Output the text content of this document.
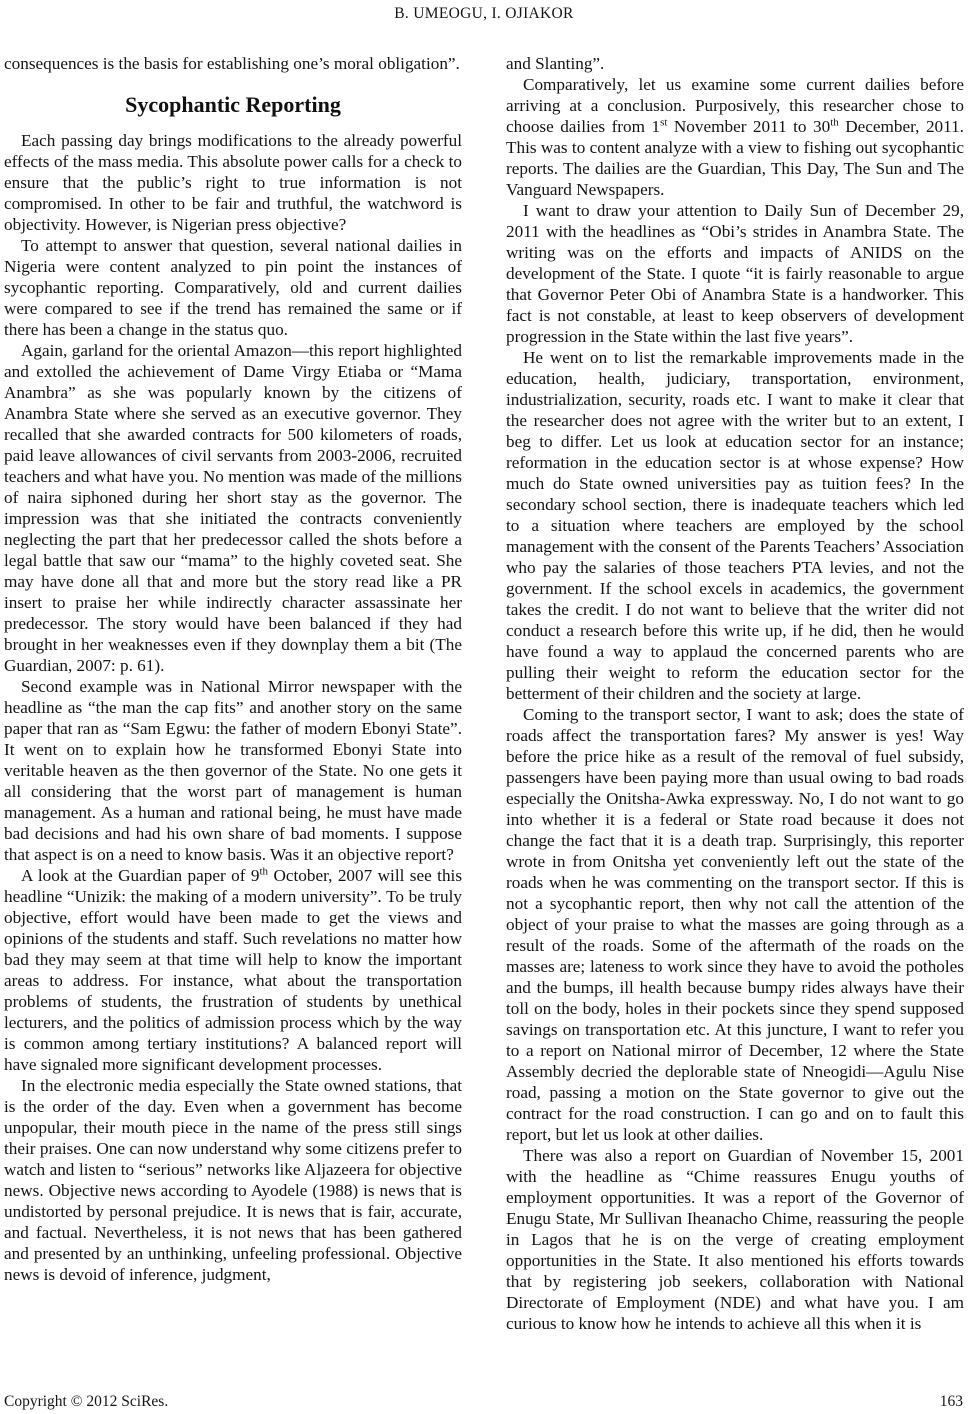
B. UMEOGU, I. OJIAKOR

consequences is the basis for establishing one’s moral obligation”.

Sycophantic Reporting

Each passing day brings modifications to the already powerful effects of the mass media. This absolute power calls for a check to ensure that the public’s right to true information is not compromised. In other to be fair and truthful, the watchword is objectivity. However, is Nigerian press objective?

To attempt to answer that question, several national dailies in Nigeria were content analyzed to pin point the instances of sycophantic reporting. Comparatively, old and current dailies were compared to see if the trend has remained the same or if there has been a change in the status quo.

Again, garland for the oriental Amazon—this report highlighted and extolled the achievement of Dame Virgy Etiaba or “Mama Anambra” as she was popularly known by the citizens of Anambra State where she served as an executive governor. They recalled that she awarded contracts for 500 kilometers of roads, paid leave allowances of civil servants from 2003-2006, recruited teachers and what have you. No mention was made of the millions of naira siphoned during her short stay as the governor. The impression was that she initiated the contracts conveniently neglecting the part that her predecessor called the shots before a legal battle that saw our “mama” to the highly coveted seat. She may have done all that and more but the story read like a PR insert to praise her while indirectly character assassinate her predecessor. The story would have been balanced if they had brought in her weaknesses even if they downplay them a bit (The Guardian, 2007: p. 61).

Second example was in National Mirror newspaper with the headline as “the man the cap fits” and another story on the same paper that ran as “Sam Egwu: the father of modern Ebonyi State”. It went on to explain how he transformed Ebonyi State into veritable heaven as the then governor of the State. No one gets it all considering that the worst part of management is human management. As a human and rational being, he must have made bad decisions and had his own share of bad moments. I suppose that aspect is on a need to know basis. Was it an objective report?

A look at the Guardian paper of 9th October, 2007 will see this headline “Unizik: the making of a modern university”. To be truly objective, effort would have been made to get the views and opinions of the students and staff. Such revelations no matter how bad they may seem at that time will help to know the important areas to address. For instance, what about the transportation problems of students, the frustration of students by unethical lecturers, and the politics of admission process which by the way is common among tertiary institutions? A balanced report will have signaled more significant development processes.

In the electronic media especially the State owned stations, that is the order of the day. Even when a government has become unpopular, their mouth piece in the name of the press still sings their praises. One can now understand why some citizens prefer to watch and listen to “serious” networks like Aljazeera for objective news. Objective news according to Ayodele (1988) is news that is undistorted by personal prejudice. It is news that is fair, accurate, and factual. Nevertheless, it is not news that has been gathered and presented by an unthinking, unfeeling professional. Objective news is devoid of inference, judgment,

and Slanting”.

Comparatively, let us examine some current dailies before arriving at a conclusion. Purposively, this researcher chose to choose dailies from 1st November 2011 to 30th December, 2011. This was to content analyze with a view to fishing out sycophantic reports. The dailies are the Guardian, This Day, The Sun and The Vanguard Newspapers.

I want to draw your attention to Daily Sun of December 29, 2011 with the headlines as “Obi’s strides in Anambra State. The writing was on the efforts and impacts of ANIDS on the development of the State. I quote “it is fairly reasonable to argue that Governor Peter Obi of Anambra State is a handworker. This fact is not constable, at least to keep observers of development progression in the State within the last five years”.

He went on to list the remarkable improvements made in the education, health, judiciary, transportation, environment, industrialization, security, roads etc. I want to make it clear that the researcher does not agree with the writer but to an extent, I beg to differ. Let us look at education sector for an instance; reformation in the education sector is at whose expense? How much do State owned universities pay as tuition fees? In the secondary school section, there is inadequate teachers which led to a situation where teachers are employed by the school management with the consent of the Parents Teachers’ Association who pay the salaries of those teachers PTA levies, and not the government. If the school excels in academics, the government takes the credit. I do not want to believe that the writer did not conduct a research before this write up, if he did, then he would have found a way to applaud the concerned parents who are pulling their weight to reform the education sector for the betterment of their children and the society at large.

Coming to the transport sector, I want to ask; does the state of roads affect the transportation fares? My answer is yes! Way before the price hike as a result of the removal of fuel subsidy, passengers have been paying more than usual owing to bad roads especially the Onitsha-Awka expressway. No, I do not want to go into whether it is a federal or State road because it does not change the fact that it is a death trap. Surprisingly, this reporter wrote in from Onitsha yet conveniently left out the state of the roads when he was commenting on the transport sector. If this is not a sycophantic report, then why not call the attention of the object of your praise to what the masses are going through as a result of the roads. Some of the aftermath of the roads on the masses are; lateness to work since they have to avoid the potholes and the bumps, ill health because bumpy rides always have their toll on the body, holes in their pockets since they spend supposed savings on transportation etc. At this juncture, I want to refer you to a report on National mirror of December, 12 where the State Assembly decried the deplorable state of Nneogidi—Agulu Nise road, passing a motion on the State governor to give out the contract for the road construction. I can go and on to fault this report, but let us look at other dailies.

There was also a report on Guardian of November 15, 2001 with the headline as “Chime reassures Enugu youths of employment opportunities. It was a report of the Governor of Enugu State, Mr Sullivan Iheanacho Chime, reassuring the people in Lagos that he is on the verge of creating employment opportunities in the State. It also mentioned his efforts towards that by registering job seekers, collaboration with National Directorate of Employment (NDE) and what have you. I am curious to know how he intends to achieve all this when it is

Copyright © 2012 SciRes.	163
